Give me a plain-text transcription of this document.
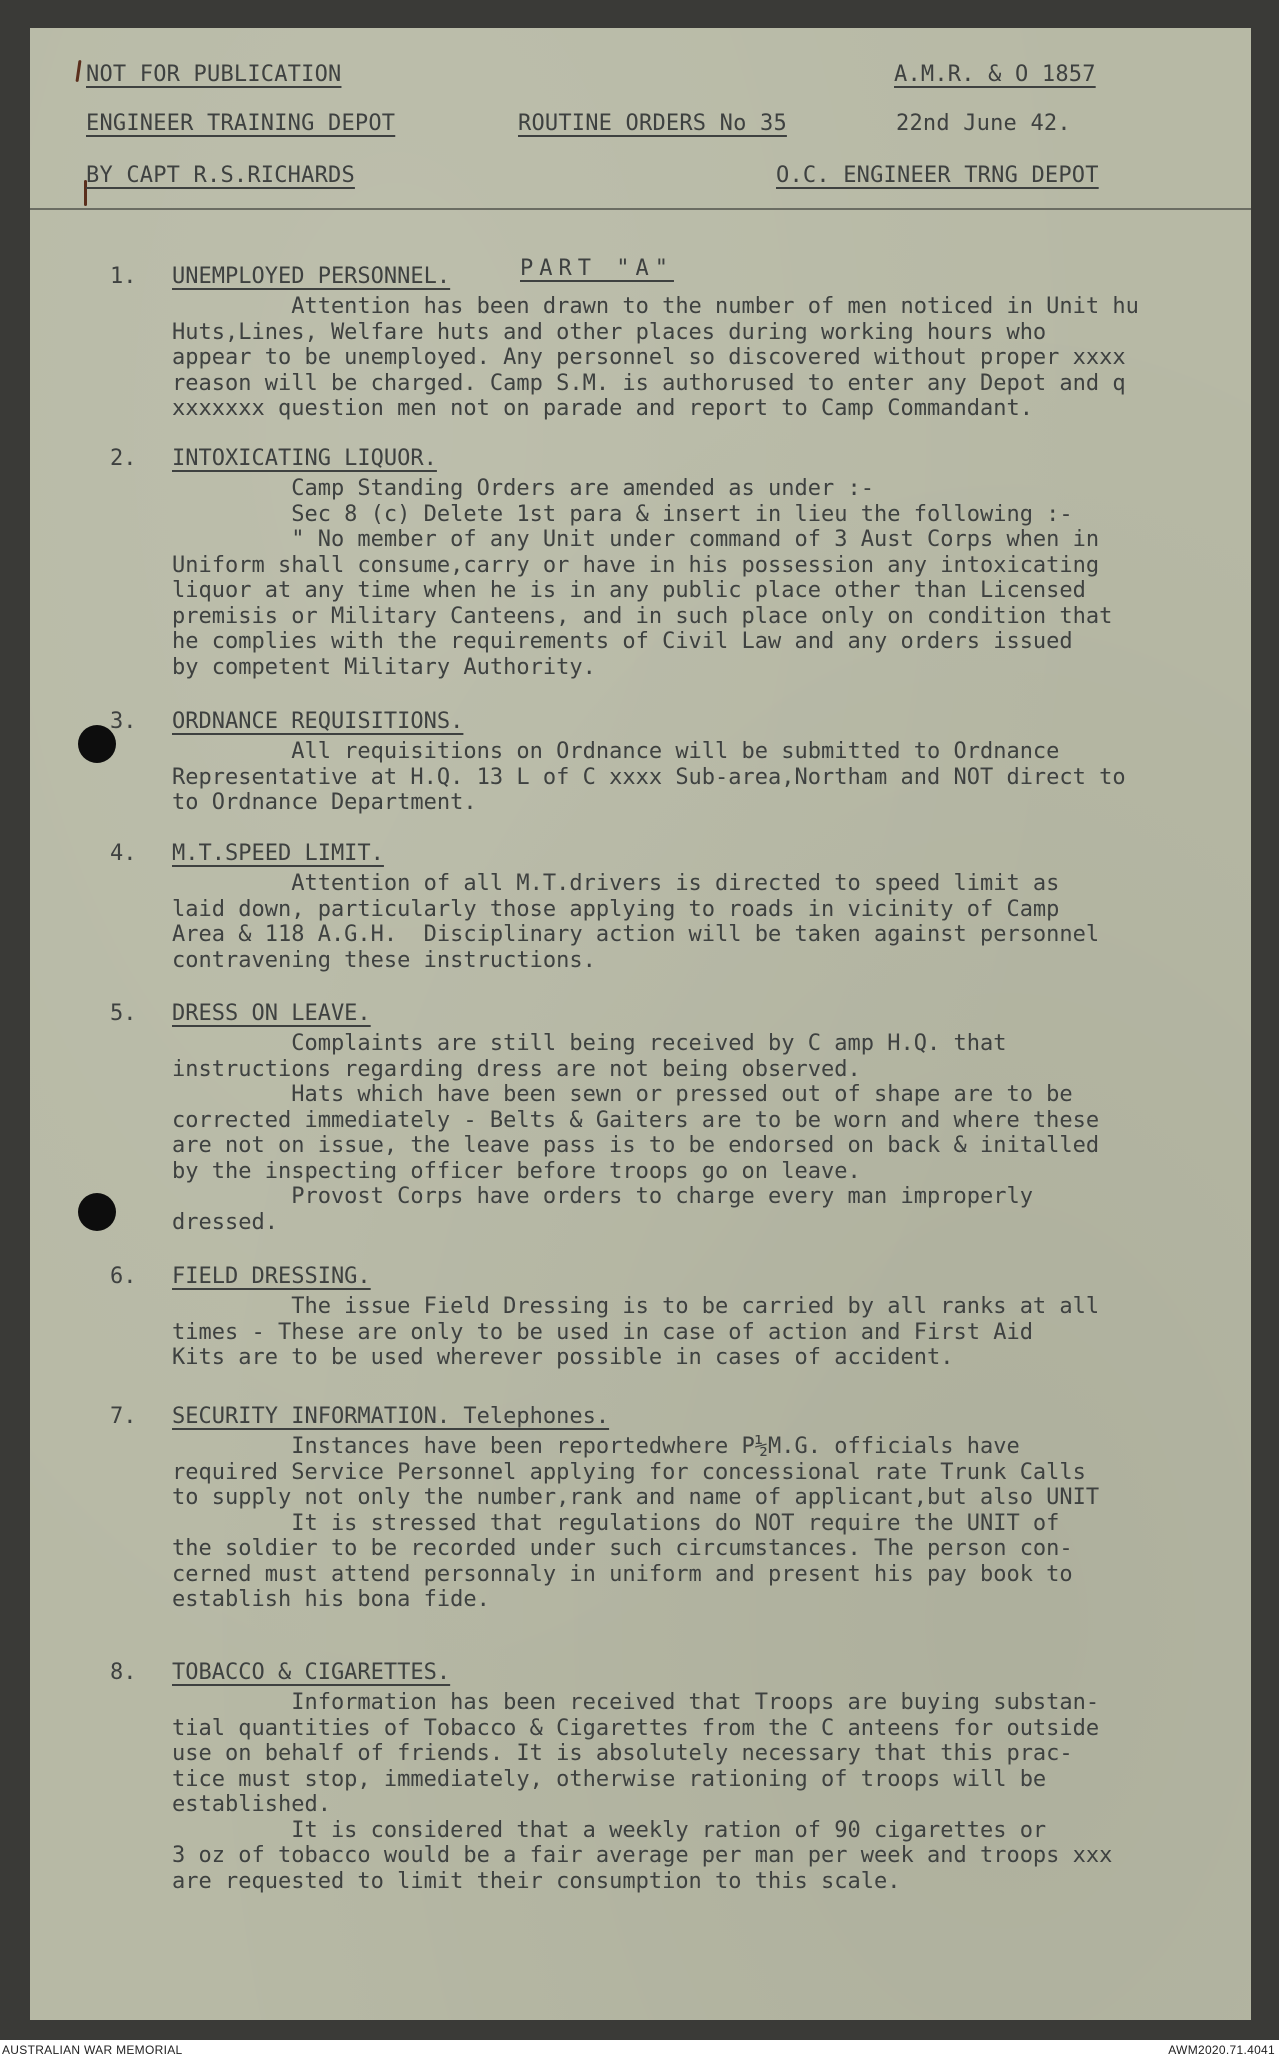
NOT FOR PUBLICATION	A.M.R. & O 1857
ENGINEER TRAINING DEPOT	ROUTINE ORDERS No 35	22nd June 42.
BY CAPT R.S.RICHARDS	O.C. ENGINEER TRNG DEPOT
PART "A"
1. UNEMPLOYED PERSONNEL.
Attention has been drawn to the number of men noticed in Unit hu
Huts,Lines, Welfare huts and other places during working hours who
appear to be unemployed. Any personnel so discovered without proper xxxx
reason will be charged. Camp S.M. is authorused to enter any Depot and q
xxxxxxx question men not on parade and report to Camp Commandant.
2. INTOXICATING LIQUOR.
Camp Standing Orders are amended as under :-
Sec 8 (c) Delete 1st para & insert in lieu the following :-
" No member of any Unit under command of 3 Aust Corps when in
Uniform shall consume,carry or have in his possession any intoxicating
liquor at any time when he is in any public place other than Licensed
premisis or Military Canteens, and in such place only on condition that
he complies with the requirements of Civil Law and any orders issued
by competent Military Authority.
3. ORDNANCE REQUISITIONS.
All requisitions on Ordnance will be submitted to Ordnance
Representative at H.Q. 13 L of C xxxx Sub-area,Northam and NOT direct to
to Ordnance Department.
4. M.T.SPEED LIMIT.
Attention of all M.T.drivers is directed to speed limit as
laid down, particularly those applying to roads in vicinity of Camp
Area & 118 A.G.H.  Disciplinary action will be taken against personnel
contravening these instructions.
5. DRESS ON LEAVE.
Complaints are still being received by C amp H.Q. that
instructions regarding dress are not being observed.
Hats which have been sewn or pressed out of shape are to be
corrected immediately - Belts & Gaiters are to be worn and where these
are not on issue, the leave pass is to be endorsed on back & initalled
by the inspecting officer before troops go on leave.
Provost Corps have orders to charge every man improperly
dressed.
6. FIELD DRESSING.
The issue Field Dressing is to be carried by all ranks at all
times - These are only to be used in case of action and First Aid
Kits are to be used wherever possible in cases of accident.
7. SECURITY INFORMATION. Telephones.
Instances have been reportedwhere P½M.G. officials have
required Service Personnel applying for concessional rate Trunk Calls
to supply not only the number,rank and name of applicant,but also UNIT
It is stressed that regulations do NOT require the UNIT of
the soldier to be recorded under such circumstances. The person con-
cerned must attend personnaly in uniform and present his pay book to
establish his bona fide.
8. TOBACCO & CIGARETTES.
Information has been received that Troops are buying substan-
tial quantities of Tobacco & Cigarettes from the C anteens for outside
use on behalf of friends. It is absolutely necessary that this prac-
tice must stop, immediately, otherwise rationing of troops will be
established.
It is considered that a weekly ration of 90 cigarettes or
3 oz of tobacco would be a fair average per man per week and troops xxx
are requested to limit their consumption to this scale.
AUSTRALIAN WAR MEMORIAL	AWM2020.71.4041
